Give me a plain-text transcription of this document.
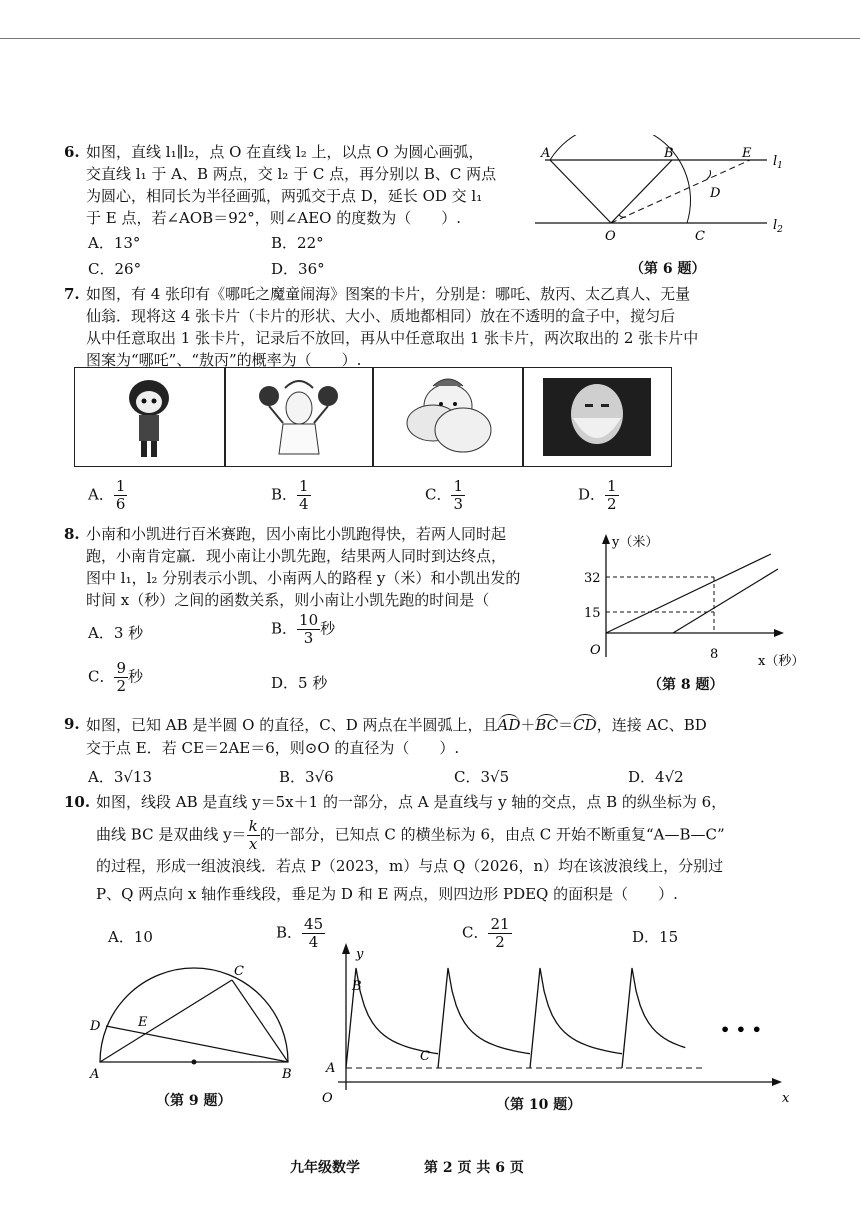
6. 如图，直线 l₁∥l₂，点 O 在直线 l₂ 上，以点 O 为圆心画弧，
交直线 l₁ 于 A、B 两点，交 l₂ 于 C 点，再分别以 B、C 两点
为圆心，相同长为半径画弧，两弧交于点 D，延长 OD 交 l₁
于 E 点，若∠AOB＝92°，则∠AEO 的度数为（　　）.
A．13°	B．22°
C．26°	D．36°
A	B	E
D
O	C
$l_1$
$l_2$
（第 6 题）
7. 如图，有 4 张印有《哪吒之魔童闹海》图案的卡片，分别是：哪吒、敖丙、太乙真人、无量
仙翁．现将这 4 张卡片（卡片的形状、大小、质地都相同）放在不透明的盒子中，搅匀后
从中任意取出 1 张卡片，记录后不放回，再从中任意取出 1 张卡片，两次取出的 2 张卡片中
图案为“哪吒”、“敖丙”的概率为（　　）.
A． $\frac{1}{6}$	B． $\frac{1}{4}$	C． $\frac{1}{3}$	D． $\frac{1}{2}$
8. 小南和小凯进行百米赛跑，因小南比小凯跑得快，若两人同时起
跑，小南肯定赢．现小南让小凯先跑，结果两人同时到达终点，
图中 l₁，l₂ 分别表示小凯、小南两人的路程 y（米）和小凯出发的
时间 x（秒）之间的函数关系，则小南让小凯先跑的时间是（
A．3 秒	B． $\frac{10}{3}$ 秒
C． $\frac{9}{2}$ 秒	D．5 秒
y（米）
32
15
O	8	x（秒）
（第 8 题）
9. 如图，已知 AB 是半圆 O 的直径，C、D 两点在半圆弧上，且AD＋BC＝CD，连接 AC、BD
交于点 E．若 CE＝2AE＝6，则⊙O 的直径为（　　）.
A．3√13	B．3√6	C．3√5	D．4√2
10. 如图，线段 AB 是直线 y＝5x＋1 的一部分，点 A 是直线与 y 轴的交点，点 B 的纵坐标为 6，
曲线 BC 是双曲线 $y= \frac{k}{x}$ 的一部分，已知点 C 的横坐标为 6，由点 C 开始不断重复“A—B—C”
的过程，形成一组波浪线．若点 P（2023，m）与点 Q（2026，n）均在该波浪线上，分别过
P、Q 两点向 x 轴作垂线段，垂足为 D 和 E 两点，则四边形 PDEQ 的面积是（　　）.
A．10	B． $\frac{45}{4}$	C． $\frac{21}{2}$	D．15
A	B
C
D	E
（第 9 题）
y
x
O
A
B
C
• • •
（第 10 题）
九年级数学	第 2 页 共 6 页
